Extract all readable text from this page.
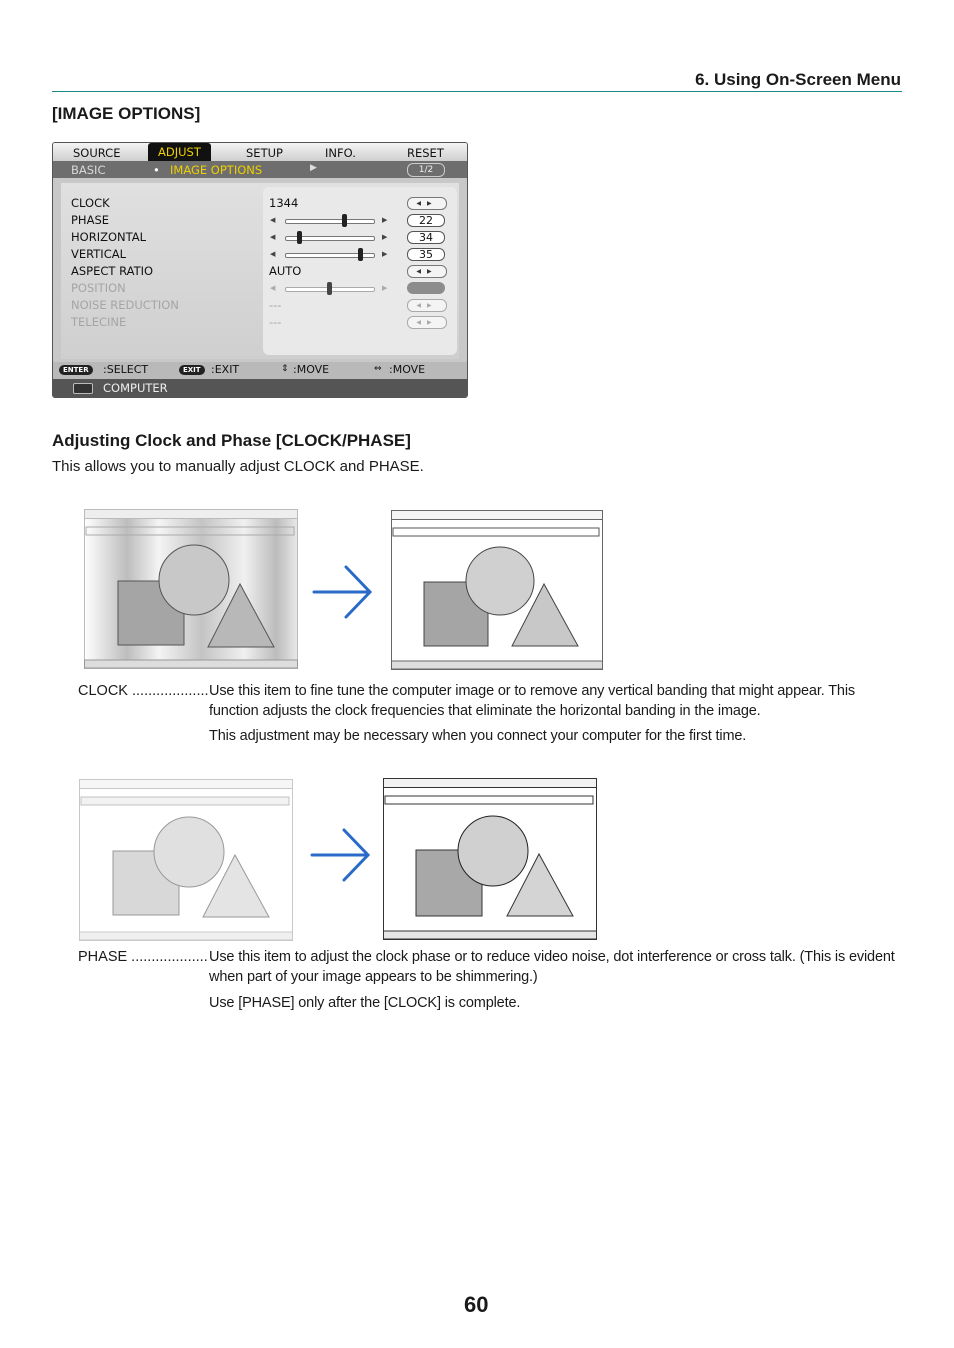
6. Using On-Screen Menu
[IMAGE OPTIONS]
SOURCE	ADJUST	SETUP	INFO.	RESET
BASIC	• IMAGE OPTIONS	▶	1/2
CLOCK	1344	◀▶
PHASE	◀	▶	22
HORIZONTAL	◀	▶	34
VERTICAL	◀	▶	35
ASPECT RATIO	AUTO	◀▶
POSITION	◀	▶
NOISE REDUCTION	---	◀▶
TELECINE	---	◀▶
ENTER	:SELECT	EXIT :EXIT	⇕ :MOVE	⇔ :MOVE
COMPUTER
Adjusting Clock and Phase [CLOCK/PHASE]
This allows you to manually adjust CLOCK and PHASE.
CLOCK ................... Use this item to fine tune the computer image or to remove any vertical banding that might appear. This function adjusts the clock frequencies that eliminate the horizontal banding in the image.
This adjustment may be necessary when you connect your computer for the first time.
PHASE ................... Use this item to adjust the clock phase or to reduce video noise, dot interference or cross talk. (This is evident when part of your image appears to be shimmering.)
Use [PHASE] only after the [CLOCK] is complete.
60
